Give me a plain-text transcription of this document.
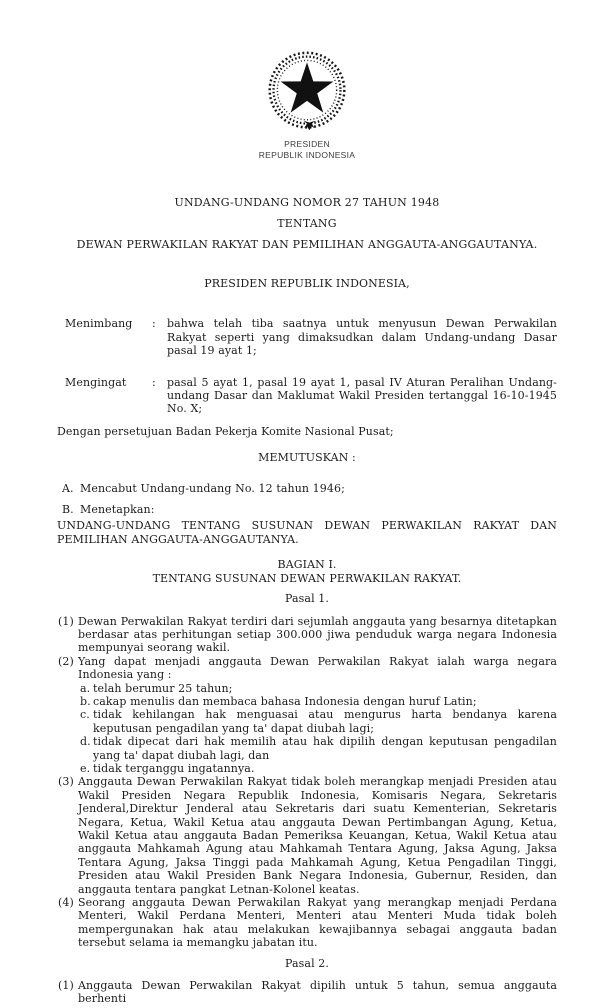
PRESIDEN
REPUBLIK INDONESIA
UNDANG-UNDANG NOMOR 27 TAHUN 1948
TENTANG
DEWAN PERWAKILAN RAKYAT DAN PEMILIHAN ANGGAUTA-ANGGAUTANYA.
PRESIDEN REPUBLIK INDONESIA,
Menimbang	:	bahwa telah tiba saatnya untuk menyusun Dewan Perwakilan Rakyat seperti yang dimaksudkan dalam Undang-undang Dasar pasal 19 ayat 1;
Mengingat	:	pasal 5 ayat 1, pasal 19 ayat 1, pasal IV Aturan Peralihan Undang-undang Dasar dan Maklumat Wakil Presiden tertanggal 16-10-1945 No. X;

Dengan persetujuan Badan Pekerja Komite Nasional Pusat;

MEMUTUSKAN :
A. Mencabut Undang-undang No. 12 tahun 1946;
B. Menetapkan:

UNDANG-UNDANG TENTANG SUSUNAN DEWAN PERWAKILAN RAKYAT DAN PEMILIHAN ANGGAUTA-ANGGAUTANYA.

BAGIAN I.
TENTANG SUSUNAN DEWAN PERWAKILAN RAKYAT.
Pasal 1.
(1) Dewan Perwakilan Rakyat terdiri dari sejumlah anggauta yang besarnya ditetapkan berdasar atas perhitungan setiap 300.000 jiwa penduduk warga negara Indonesia mempunyai seorang wakil.
(2) Yang dapat menjadi anggauta Dewan Perwakilan Rakyat ialah warga negara Indonesia yang :
a. telah berumur 25 tahun;
b. cakap menulis dan membaca bahasa Indonesia dengan huruf Latin;
c. tidak kehilangan hak menguasai atau mengurus harta bendanya karena keputusan pengadilan yang ta' dapat diubah lagi;
d. tidak dipecat dari hak memilih atau hak dipilih dengan keputusan pengadilan yang ta' dapat diubah lagi, dan
e. tidak terganggu ingatannya.
(3) Anggauta Dewan Perwakilan Rakyat tidak boleh merangkap menjadi Presiden atau Wakil Presiden Negara Republik Indonesia, Komisaris Negara, Sekretaris Jenderal,Direktur Jenderal atau Sekretaris dari suatu Kementerian, Sekretaris Negara, Ketua, Wakil Ketua atau anggauta Dewan Pertimbangan Agung, Ketua, Wakil Ketua atau anggauta Badan Pemeriksa Keuangan, Ketua, Wakil Ketua atau anggauta Mahkamah Agung atau Mahkamah Tentara Agung, Jaksa Agung, Jaksa Tentara Agung, Jaksa Tinggi pada Mahkamah Agung, Ketua Pengadilan Tinggi, Presiden atau Wakil Presiden Bank Negara Indonesia, Gubernur, Residen, dan anggauta tentara pangkat Letnan-Kolonel keatas.
(4) Seorang anggauta Dewan Perwakilan Rakyat yang merangkap menjadi Perdana Menteri, Wakil Perdana Menteri, Menteri atau Menteri Muda tidak boleh mempergunakan hak atau melakukan kewajibannya sebagai anggauta badan tersebut selama ia memangku jabatan itu.
Pasal 2.
(1) Anggauta Dewan Perwakilan Rakyat dipilih untuk 5 tahun, semua anggauta berhenti
